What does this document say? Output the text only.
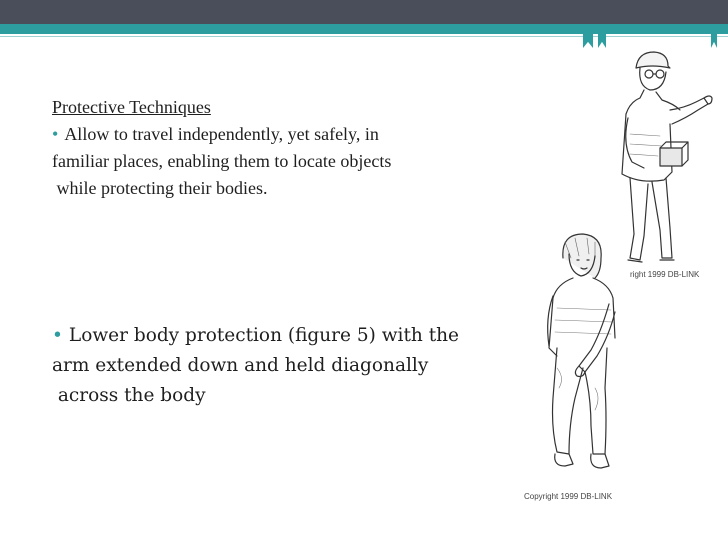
Protective Techniques
• Allow to travel independently, yet safely, in
familiar places, enabling them to locate objects
while protecting their bodies.
• Lower body protection (figure 5) with the
arm extended down and held diagonally
across the body
right 1999 DB-LINK
Copyright 1999 DB-LINK
